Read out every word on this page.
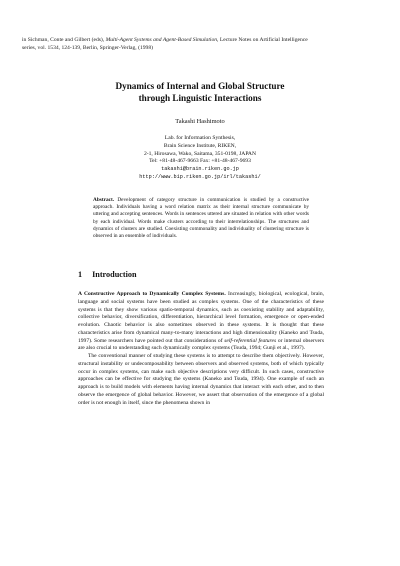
in Sichman, Conte and Gilbert (eds), Multi-Agent Systems and Agent-Based Simulation, Lecture Notes on Artificial Intelligence series, vol. 1534, 124-139, Berlin, Springer-Verlag, (1998)
Dynamics of Internal and Global Structure
through Linguistic Interactions
Takashi Hashimoto
Lab. for Information Synthesis,
Brain Science Institute, RIKEN,
2-1, Hirosawa, Wako, Saitama, 351-0198, JAPAN
Tel: +81-48-467-9663 Fax: +81-48-467-9693
takashi@brain.riken.go.jp
http://www.bip.riken.go.jp/irl/takashi/
Abstract. Development of category structure in communication is studied by a constructive approach. Individuals having a word relation matrix as their internal structure communicate by uttering and accepting sentences. Words in sentences uttered are situated in relation with other words by each individual. Words make clusters according to their interrelationships. The structures and dynamics of clusters are studied. Coexisting commonality and individuality of clustering structure is observed in an ensemble of individuals.
1 Introduction

A Constructive Approach to Dynamically Complex Systems. Increasingly, biological, ecological, brain, language and social systems have been studied as complex systems. One of the characteristics of these systems is that they show various spatio-temporal dynamics, such as coexisting stability and adaptability, collective behavior, diversification, differentiation, hierarchical level formation, emergence or open-ended evolution. Chaotic behavior is also sometimes observed in these systems. It is thought that these characteristics arise from dynamical many-to-many interactions and high dimensionality (Kaneko and Tsuda, 1997). Some researchers have pointed out that considerations of self-referential features or internal observers are also crucial to understanding such dynamically complex systems (Tsuda, 1994; Gunji et al., 1997).

The conventional manner of studying these systems is to attempt to describe them objectively. However, structural instability or undecomposability between observers and observed systems, both of which typically occur in complex systems, can make such objective descriptions very difficult. In such cases, constructive approaches can be effective for studying the systems (Kaneko and Tsuda, 1994). One example of such an approach is to build models with elements having internal dynamics that interact with each other, and to then observe the emergence of global behavior. However, we assert that observation of the emergence of a global order is not enough in itself, since the phenomena shown in
